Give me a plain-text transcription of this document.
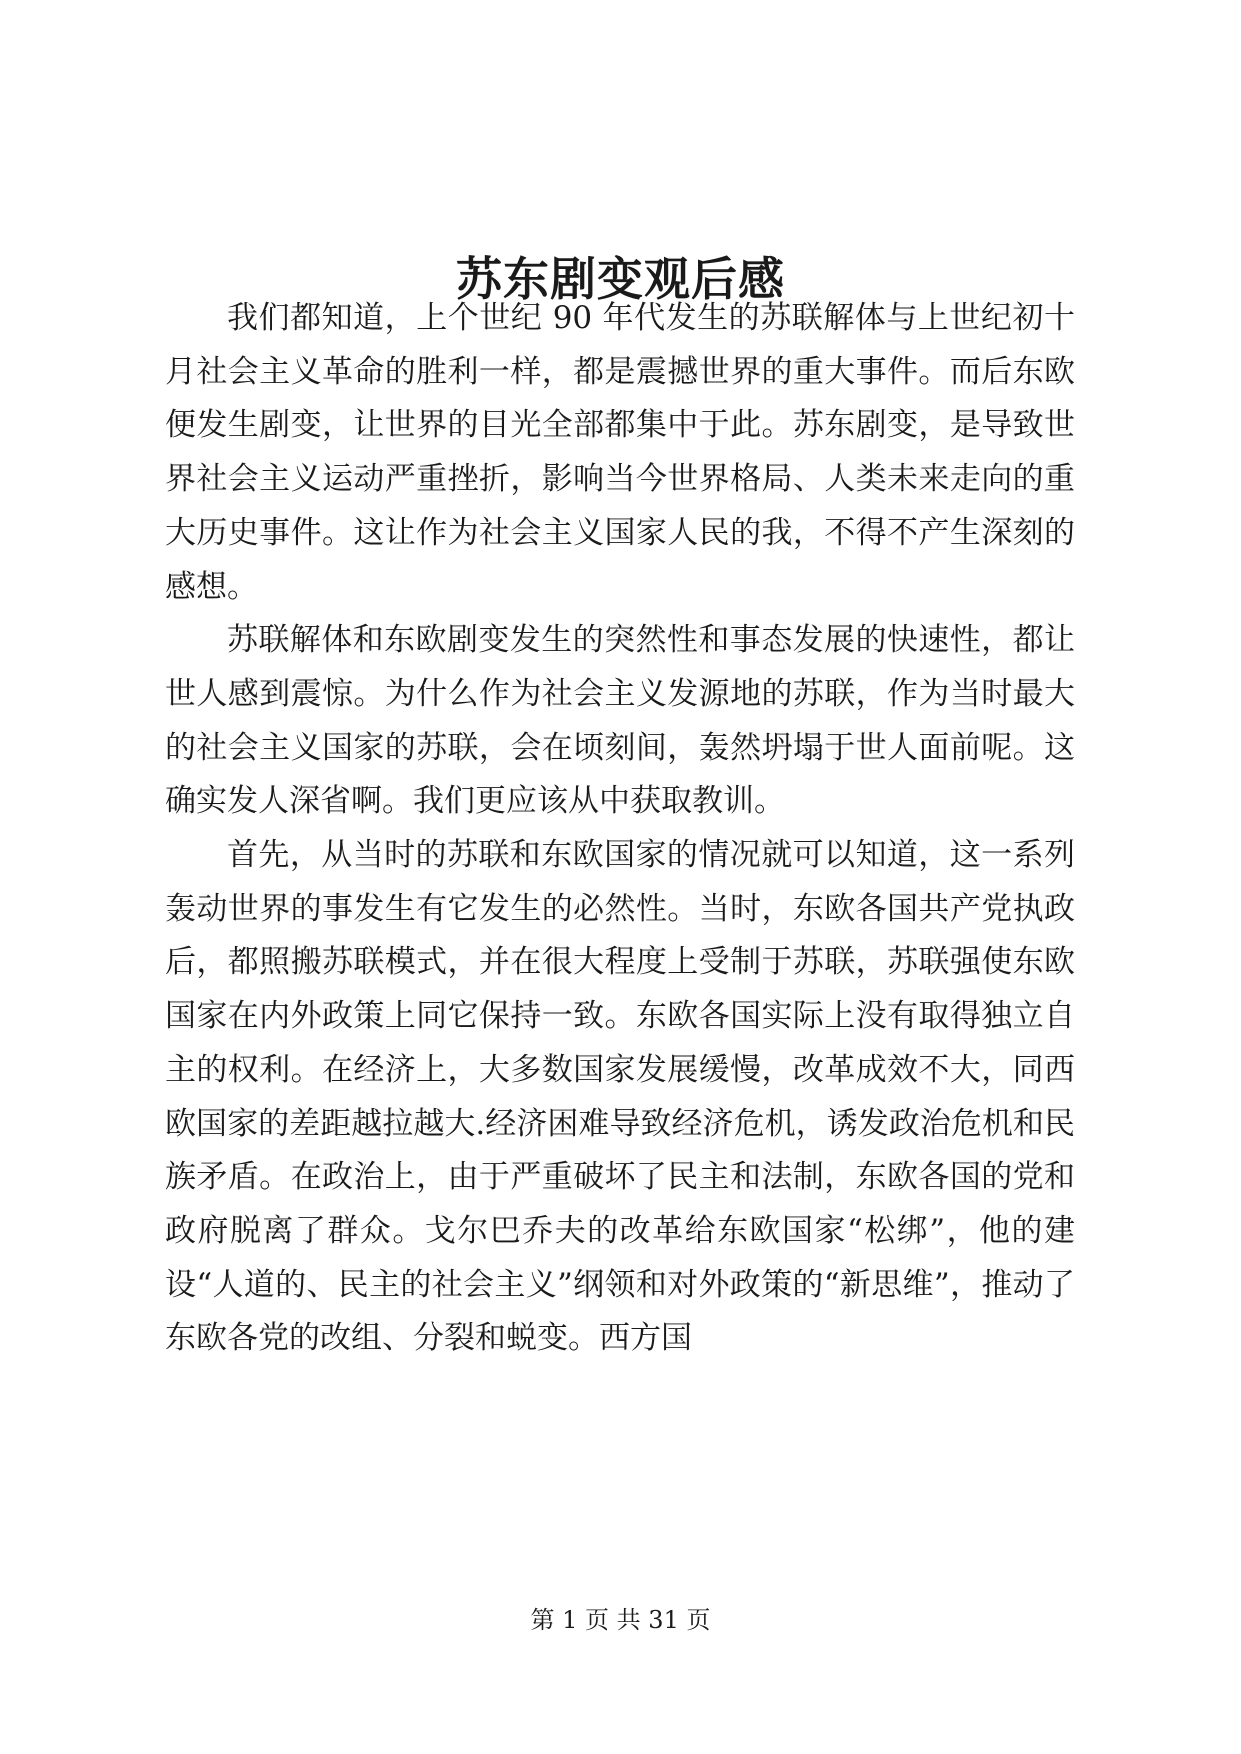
苏东剧变观后感

我们都知道，上个世纪 90 年代发生的苏联解体与上世纪初十月社会主义革命的胜利一样，都是震撼世界的重大事件。而后东欧便发生剧变，让世界的目光全部都集中于此。苏东剧变，是导致世界社会主义运动严重挫折，影响当今世界格局、人类未来走向的重大历史事件。这让作为社会主义国家人民的我，不得不产生深刻的感想。

苏联解体和东欧剧变发生的突然性和事态发展的快速性，都让世人感到震惊。为什么作为社会主义发源地的苏联，作为当时最大的社会主义国家的苏联，会在顷刻间，轰然坍塌于世人面前呢。这确实发人深省啊。我们更应该从中获取教训。

首先，从当时的苏联和东欧国家的情况就可以知道，这一系列轰动世界的事发生有它发生的必然性。当时，东欧各国共产党执政后，都照搬苏联模式，并在很大程度上受制于苏联，苏联强使东欧国家在内外政策上同它保持一致。东欧各国实际上没有取得独立自主的权利。在经济上，大多数国家发展缓慢，改革成效不大，同西欧国家的差距越拉越大.经济困难导致经济危机，诱发政治危机和民族矛盾。在政治上，由于严重破坏了民主和法制，东欧各国的党和政府脱离了群众。戈尔巴乔夫的改革给东欧国家“松绑”，他的建设“人道的、民主的社会主义”纲领和对外政策的“新思维”，推动了东欧各党的改组、分裂和蜕变。西方国

第 1 页 共 31 页
